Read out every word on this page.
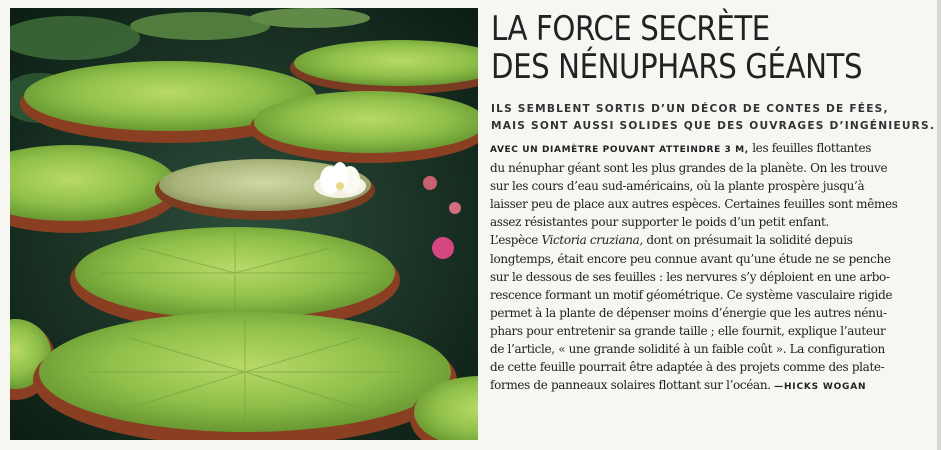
LA FORCE SECRÈTE
DES NÉNUPHARS GÉANTS

ILS SEMBLENT SORTIS D’UN DÉCOR DE CONTES DE FÉES,
MAIS SONT AUSSI SOLIDES QUE DES OUVRAGES D’INGÉNIEURS.

AVEC UN DIAMÈTRE POUVANT ATTEINDRE 3 M, les feuilles flottantes
du nénuphar géant sont les plus grandes de la planète. On les trouve
sur les cours d’eau sud-américains, où la plante prospère jusqu’à
laisser peu de place aux autres espèces. Certaines feuilles sont mêmes
assez résistantes pour supporter le poids d’un petit enfant.
L’espèce Victoria cruziana, dont on présumait la solidité depuis
longtemps, était encore peu connue avant qu’une étude ne se penche
sur le dessous de ses feuilles : les nervures s’y déploient en une arbo-
rescence formant un motif géométrique. Ce système vasculaire rigide
permet à la plante de dépenser moins d’énergie que les autres nénu-
phars pour entretenir sa grande taille ; elle fournit, explique l’auteur
de l’article, « une grande solidité à un faible coût ». La configuration
de cette feuille pourrait être adaptée à des projets comme des plate-
formes de panneaux solaires flottant sur l’océan. —HICKS WOGAN
